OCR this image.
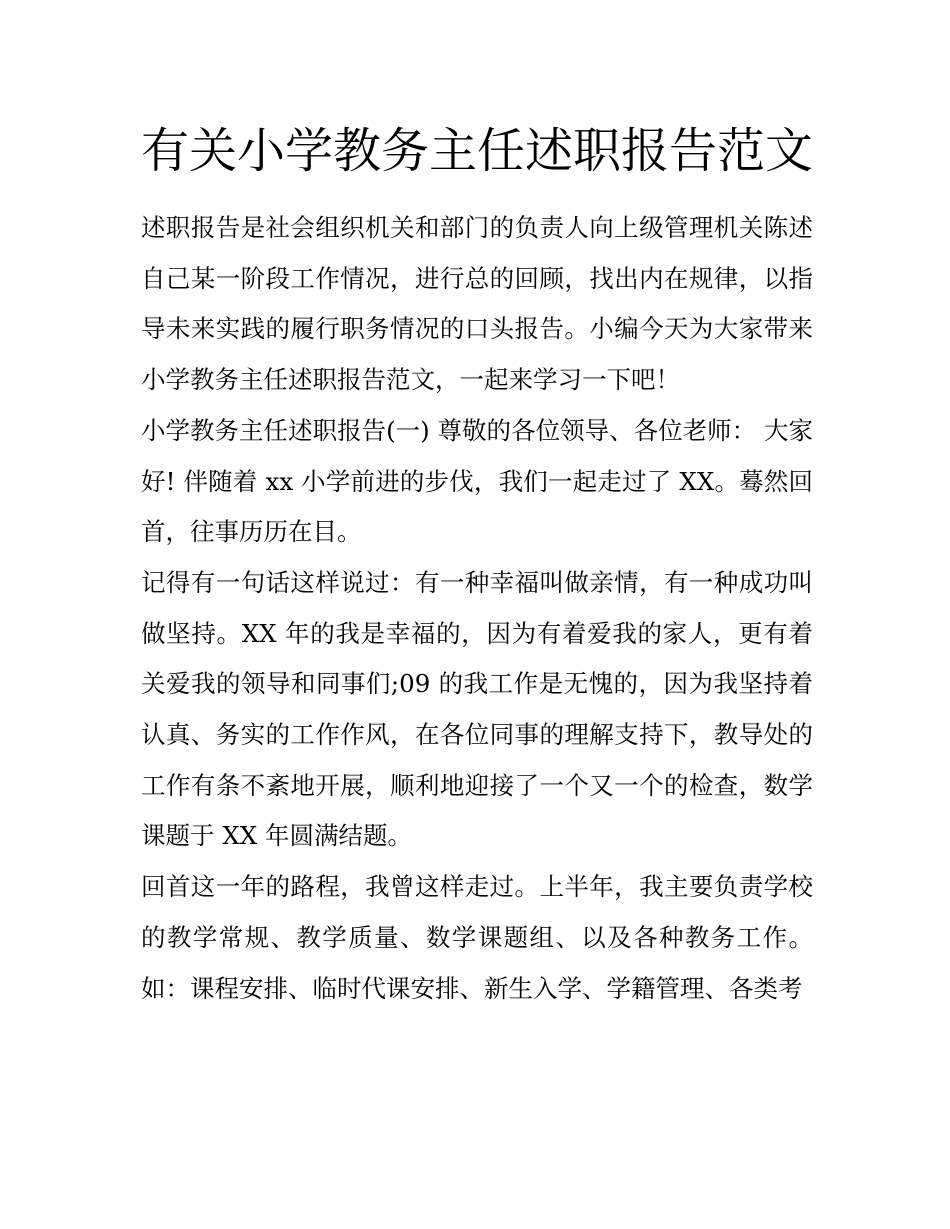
有关小学教务主任述职报告范文

述职报告是社会组织机关和部门的负责人向上级管理机关陈述自己某一阶段工作情况，进行总的回顾，找出内在规律，以指导未来实践的履行职务情况的口头报告。小编今天为大家带来小学教务主任述职报告范文，一起来学习一下吧！

小学教务主任述职报告(一) 尊敬的各位领导、各位老师： 大家好! 伴随着 xx 小学前进的步伐，我们一起走过了 XX。蓦然回首，往事历历在目。

记得有一句话这样说过：有一种幸福叫做亲情，有一种成功叫做坚持。XX 年的我是幸福的，因为有着爱我的家人，更有着关爱我的领导和同事们;09 的我工作是无愧的，因为我坚持着认真、务实的工作作风，在各位同事的理解支持下，教导处的工作有条不紊地开展，顺利地迎接了一个又一个的检查，数学课题于 XX 年圆满结题。

回首这一年的路程，我曾这样走过。上半年，我主要负责学校的教学常规、教学质量、数学课题组、以及各种教务工作。如：课程安排、临时代课安排、新生入学、学籍管理、各类考
